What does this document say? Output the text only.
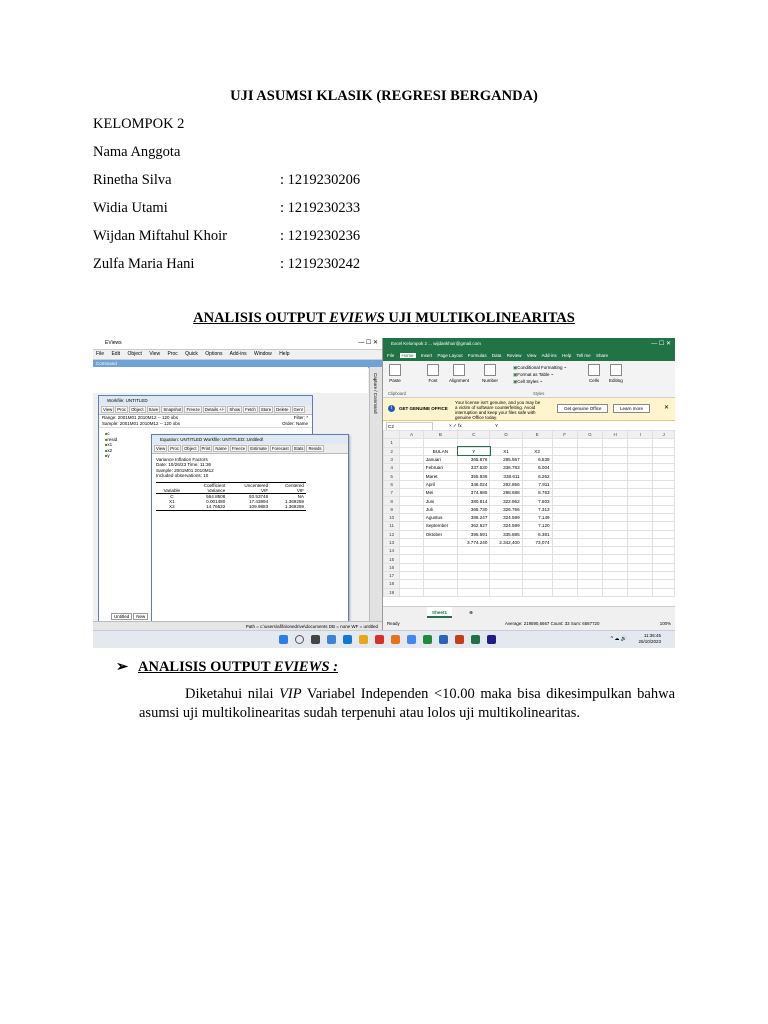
UJI ASUMSI KLASIK (REGRESI BERGANDA)
KELOMPOK 2
Nama Anggota
Rinetha Silva	: 1219230206
Widia Utami	: 1219230233
Wijdan Miftahul Khoir	: 1219230236
Zulfa Maria Hani	: 1219230242
ANALISIS OUTPUT EVIEWS UJI MULTIKOLINEARITAS
EViews	— ☐ ✕
File Edit Object View Proc Quick Options Add-ins Window Help
Command
Capture / Command
Workfile: UNTITLED
View Proc Object Save Snapshot Freeze Details +/- Show Fetch Store Delete Genr
Range: 2001M01 2010M12 -- 120 obs	Filter: *
Sample: 2001M01 2010M12 -- 120 obs	Order: Name
■ c
■ resid
■ x1
■ x2
■ y
Untitled New
Equation: UNTITLED Workfile: UNTITLED::Untitled\
View Proc Object Print Name Freeze Estimate Forecast Stats Resids
Variance Inflation Factors
Date: 10/26/23 Time: 11:36
Sample: 2001M01 2010M12
Included observations: 10
	Coefficient	Uncentered	Centered
Variable	Variance	VIF	VIF
C	564.8508	93.53746	NA
X1	0.001480	17.43894	1.369259
X2	14.76532	109.9883	1.369259
Path = c:\users\afifa\onedrive\documents DB = none WF = untitled
Excel Kelompok 2 ... wijdankhoir@gmail.com	— ☐ ✕
File Home Insert Page Layout Formulas Data Review View Add-ins Help Tell me Share
Paste	Font	Alignment	Number
▣ Conditional Formatting ~
▣ Format as Table ~
▣ Cell Styles ~	Cells Editing
Clipboard	Styles
i	GET GENUINE OFFICE
Your license isn't genuine, and you may be a victim of software counterfeiting. Avoid interruption and keep your files safe with genuine Office today.
Get genuine Office	Learn more	✕
C2	× ✓ fx	Y
	A	B	C	D	E	F	G	H	I	J
1										
2		BULAN	Y	X1	X2					
3		Januari	365.876	285.567	6.539					
4		Februari	337.530	336.783	6.004					
5		Maret	355.936	338.611	6.262					
6		April	346.024	292.856	7.911					
7		Mei	374.685	298.688	8.763					
8		Juni	380.814	322.862	7.603					
9		Juli	365.730	326.756	7.313					
10		Agustus	389.247	324.599	7.149					
11		September	362.527	324.599	7.120					
12		Oktober	395.591	335.885	6.381					
13			3.774.240	2.342,400	73,074					
14										
15										
16										
17										
18										
19										
Sheet1	⊕
Ready	Average: 219590,6667 Count: 33 Sum: 6587720	100%
^ ☁ 🔊
11:36:45
26/10/2023
➢ ANALISIS OUTPUT EVIEWS :
Diketahui nilai VIP Variabel Independen <10.00 maka bisa dikesimpulkan bahwa asumsi uji multikolinearitas sudah terpenuhi atau lolos uji multikolinearitas.
